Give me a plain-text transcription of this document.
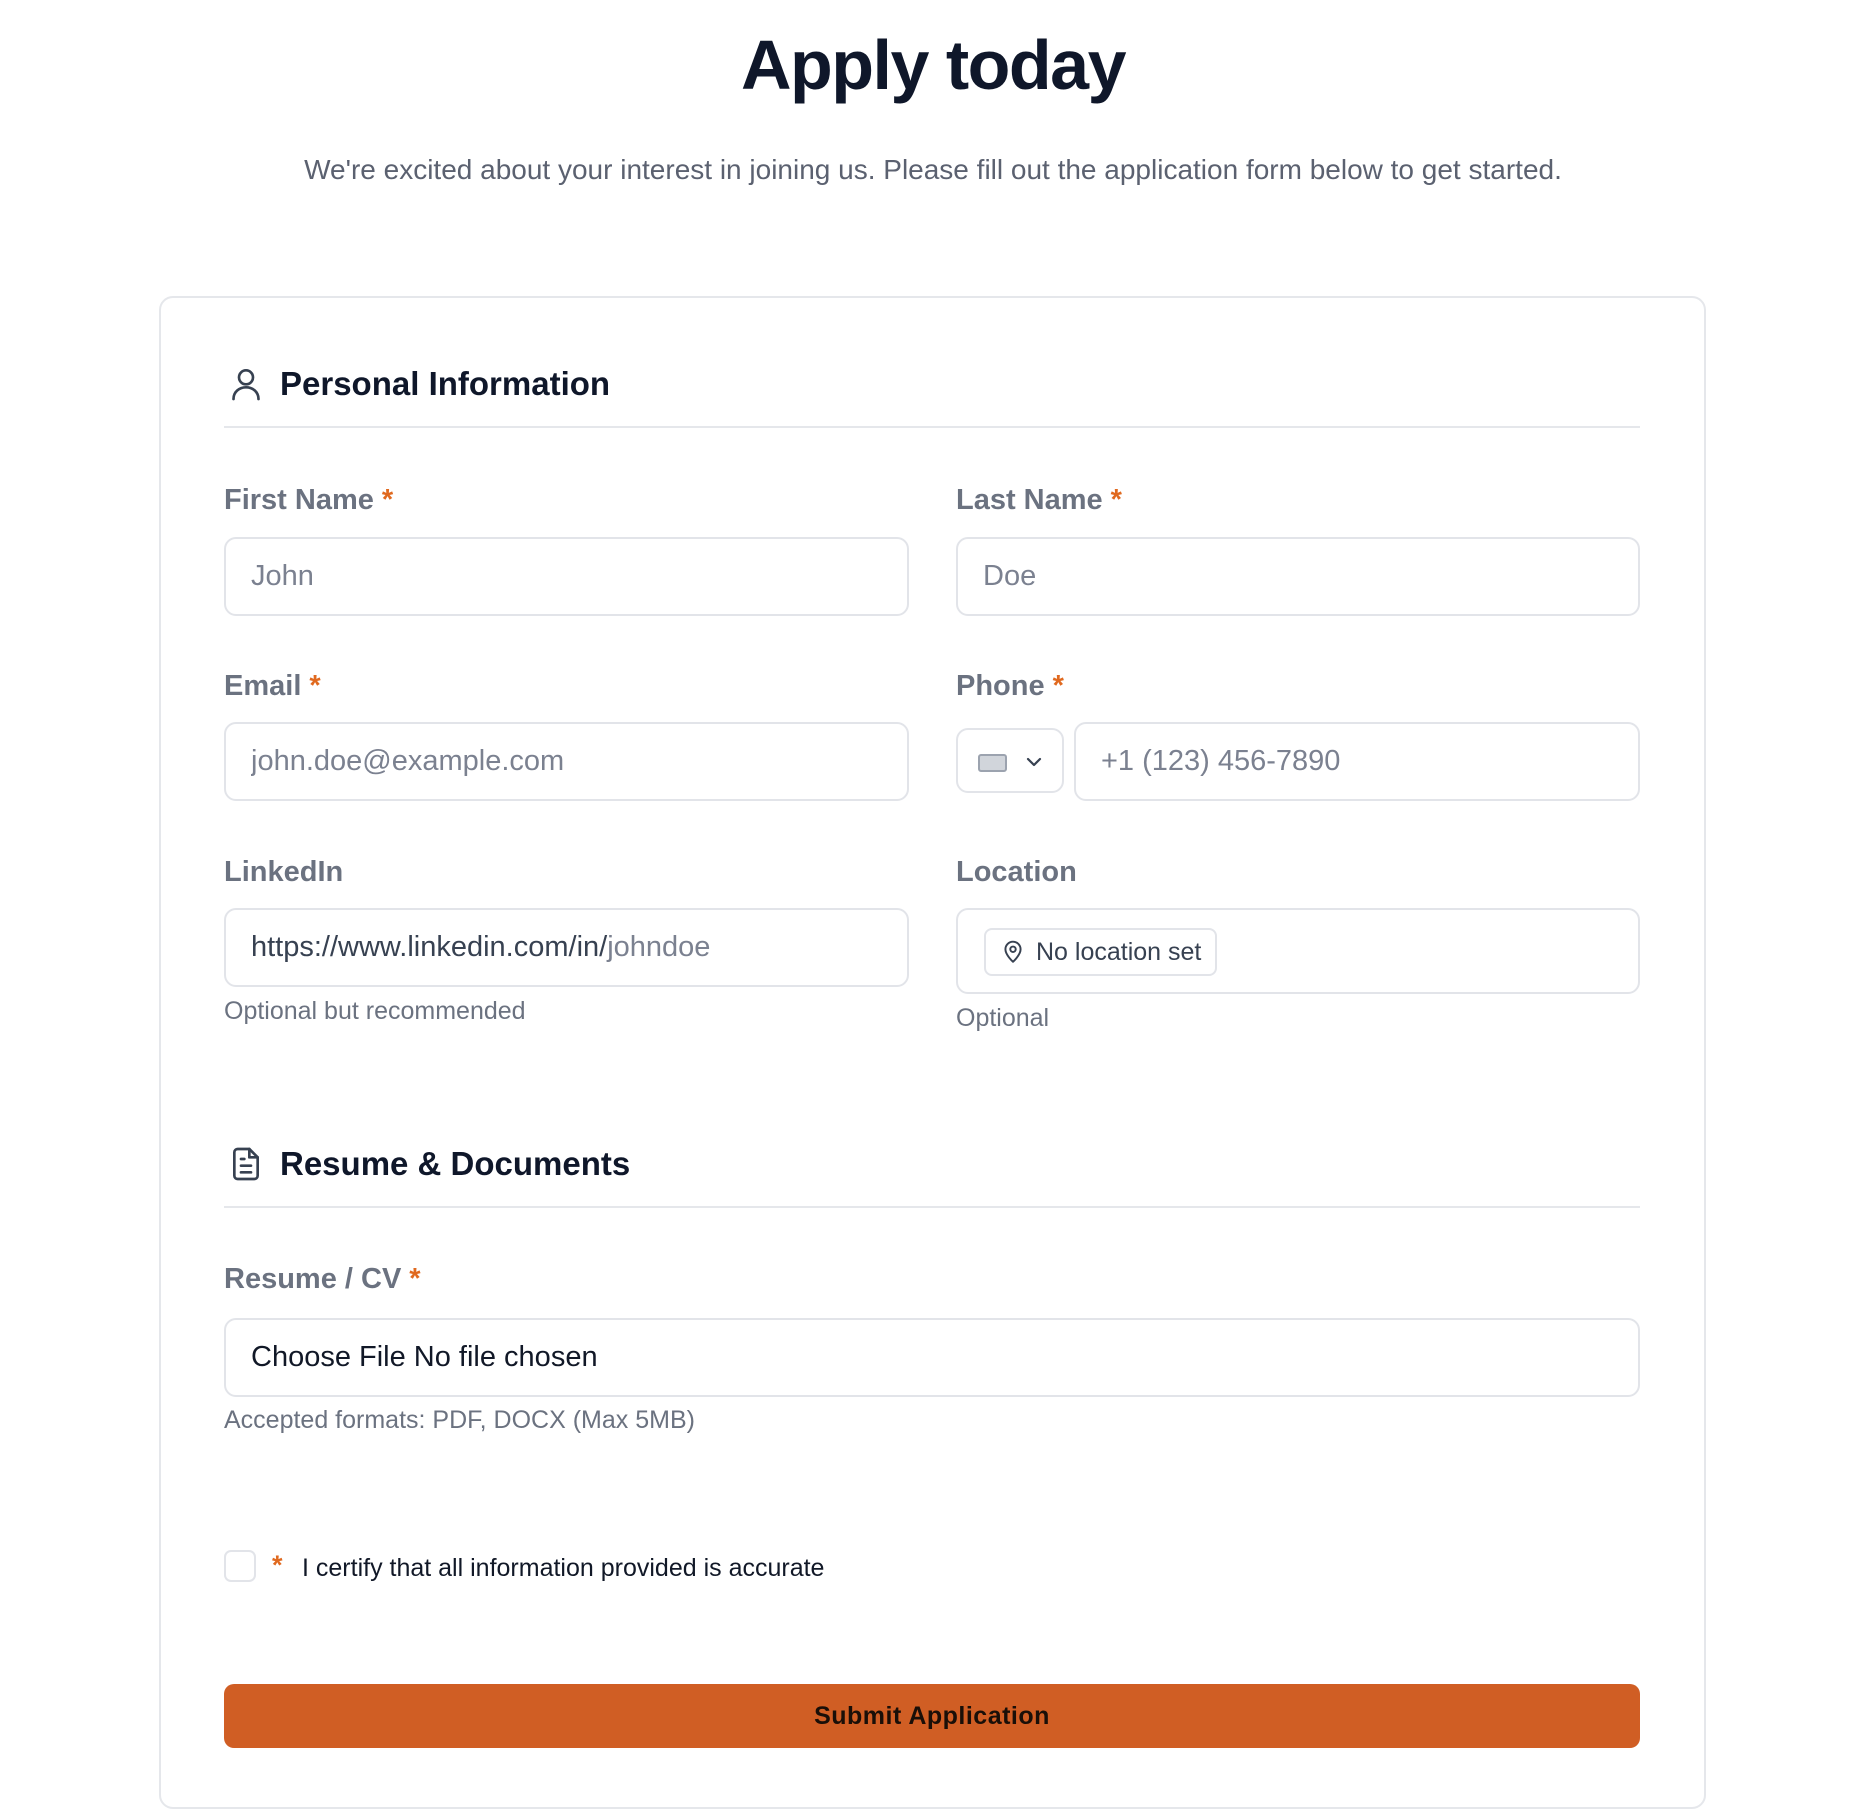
Apply today

We're excited about your interest in joining us. Please fill out the application form below to get started.

Personal Information
First Name *
John	Last Name *
Doe
Email *
john.doe@example.com	Phone *
+1 (123) 456-7890
LinkedIn
https://www.linkedin.com/in/johndoe
Optional but recommended
Location
No location set
Optional
Resume & Documents
Resume / CV *
Choose File No file chosen
Accepted formats: PDF, DOCX (Max 5MB)
* I certify that all information provided is accurate
Submit Application
